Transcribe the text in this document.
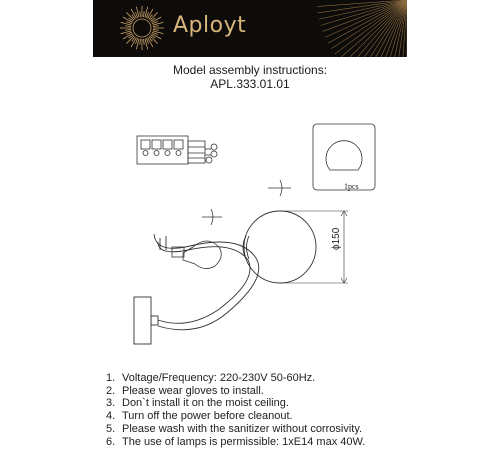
Aployt
Model assembly instructions:
APL.333.01.01
1pcs
ϕ150
1. Voltage/Frequency: 220-230V 50-60Hz.
2. Please wear gloves to install.
3. Don`t install it on the moist ceiling.
4. Turn off the power before cleanout.
5. Please wash with the sanitizer without corrosivity.
6. The use of lamps is permissible: 1xE14 max 40W.
